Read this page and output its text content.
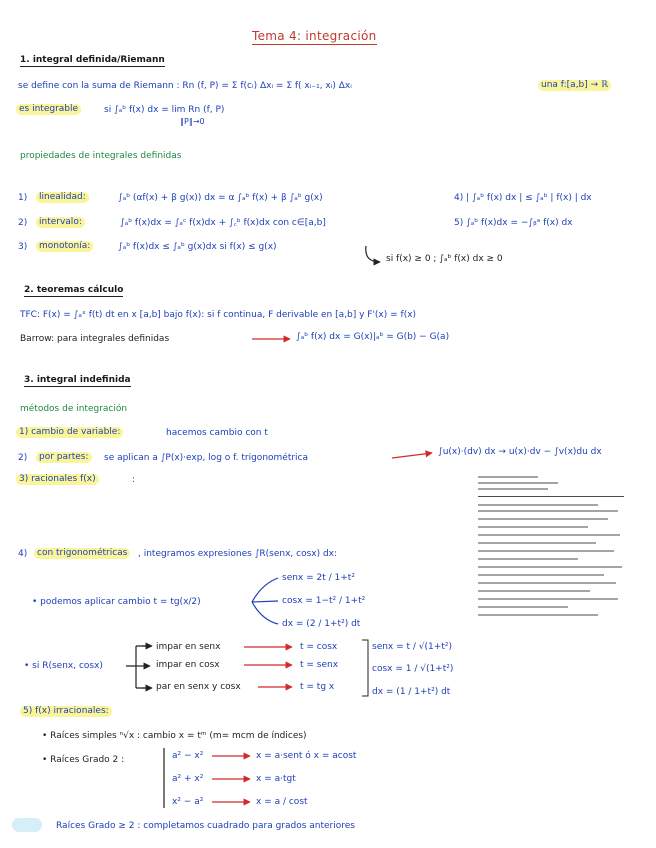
Tema 4: integración
1. integral definida/Riemann
se define con la suma de Riemann : Rn (f, P) = Σ f(cᵢ) Δxᵢ = Σ f( xᵢ₋₁, xᵢ) Δxᵢ	una f:[a,b] → ℝ
es integrable	si ∫ₐᵇ f(x) dx = lim Rn (f, P)
‖P‖→0
propiedades de integrales definidas
1)	linealidad:	∫ₐᵇ (αf(x) + β g(x)) dx = α ∫ₐᵇ f(x) + β ∫ₐᵇ g(x)	4) | ∫ₐᵇ f(x) dx | ≤ ∫ₐᵇ | f(x) | dx
2)	intervalo:	∫ₐᵇ f(x)dx = ∫ₐᶜ f(x)dx + ∫꜀ᵇ f(x)dx con c∈[a,b]	5) ∫ₐᵇ f(x)dx = −∫ᵦᵃ f(x) dx
3)	monotonía:	∫ₐᵇ f(x)dx ≤ ∫ₐᵇ g(x)dx si f(x) ≤ g(x)
si f(x) ≥ 0 ; ∫ₐᵇ f(x) dx ≥ 0
2. teoremas cálculo
TFC: F(x) = ∫ₐˣ f(t) dt en x [a,b] bajo f(x): si f continua, F derivable en [a,b] y F'(x) = f(x)
Barrow: para integrales definidas	∫ₐᵇ f(x) dx = G(x)|ₐᵇ = G(b) − G(a)
3. integral indefinida
métodos de integración
1) cambio de variable:	hacemos cambio con t
2)	por partes:	se aplican a ∫P(x)·exp, log o f. trigonométrica
∫u(x)·(dv) dx → u(x)·dv − ∫v(x)du dx
3) racionales f(x)	:
4)	con trigonométricas	, integramos expresiones ∫R(senx, cosx) dx:
• podemos aplicar cambio t = tg(x/2)
senx = 2t / 1+t²
cosx = 1−t² / 1+t²
dx = (2 / 1+t²) dt
• si R(senx, cosx)
impar en senx	t = cosx
impar en cosx	t = senx
par en senx y cosx	t = tg x
senx = t / √(1+t²)
cosx = 1 / √(1+t²)
dx = (1 / 1+t²) dt
5) f(x) irracionales:
• Raíces simples ⁿ√x : cambio x = tᵐ (m= mcm de índices)
• Raíces Grado 2 :	a² − x²	x = a·sent ó x = acost
a² + x²	x = a·tgt
x² − a²	x = a / cost
Raíces Grado ≥ 2 : completamos cuadrado para grados anteriores
